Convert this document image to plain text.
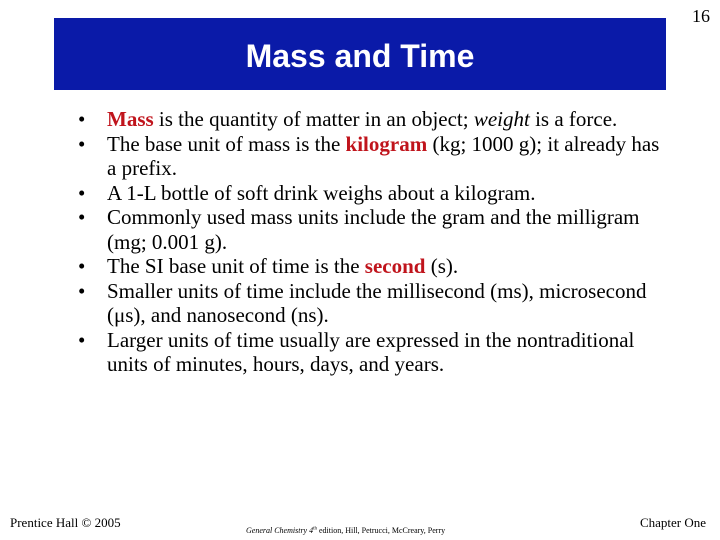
16
Mass and Time
• Mass is the quantity of matter in an object; weight is a force.
• The base unit of mass is the kilogram (kg; 1000 g); it already has a prefix.
• A 1-L bottle of soft drink weighs about a kilogram.
• Commonly used mass units include the gram and the milligram (mg; 0.001 g).
• The SI base unit of time is the second (s).
• Smaller units of time include the millisecond (ms), microsecond (μs), and nanosecond (ns).
• Larger units of time usually are expressed in the nontraditional units of minutes, hours, days, and years.
Prentice Hall © 2005
General Chemistry 4th edition, Hill, Petrucci, McCreary, Perry
Chapter One
